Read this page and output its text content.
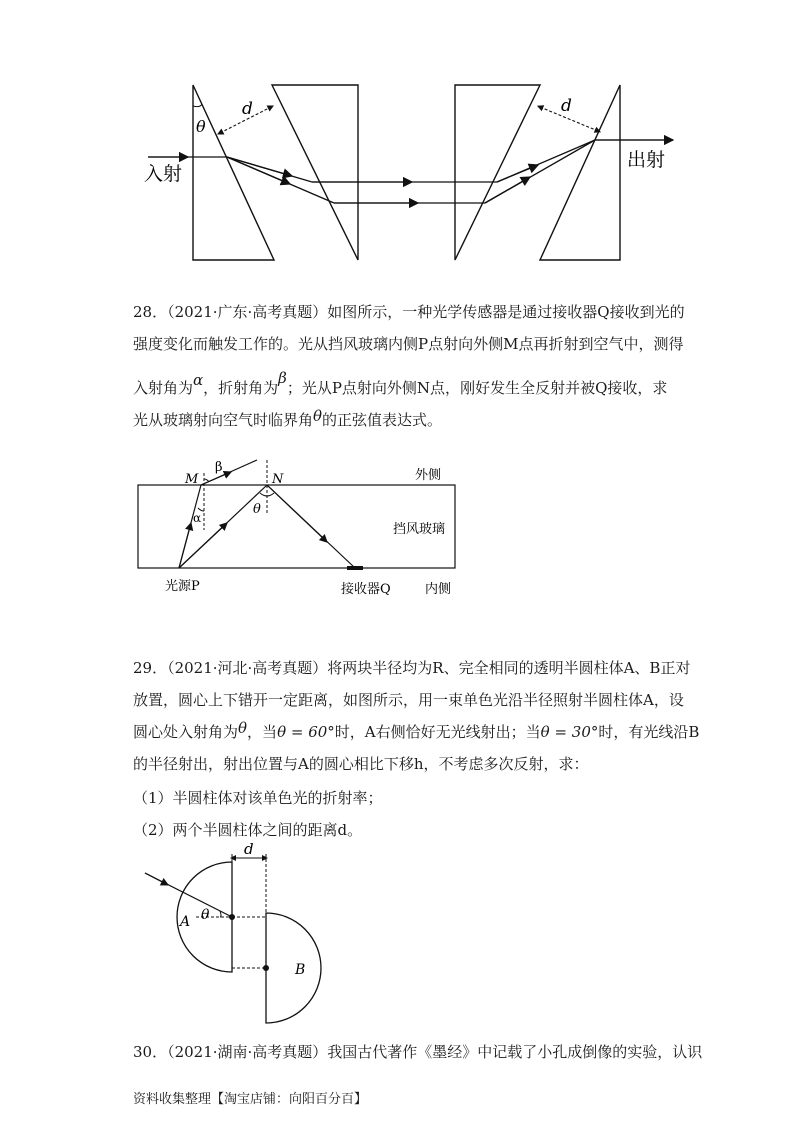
θ
d	d
入射
出射
28．（2021·广东·高考真题）如图所示，一种光学传感器是通过接收器Q接收到光的
强度变化而触发工作的。光从挡风玻璃内侧P点射向外侧M点再折射到空气中，测得
入射角为α，折射角为β；光从P点射向外侧N点，刚好发生全反射并被Q接收，求
光从玻璃射向空气时临界角θ的正弦值表达式。
M
β
N
α
θ
外侧
挡风玻璃
内侧
光源P	接收器Q
29．（2021·河北·高考真题）将两块半径均为R、完全相同的透明半圆柱体A、B正对
放置，圆心上下错开一定距离，如图所示，用一束单色光沿半径照射半圆柱体A，设
圆心处入射角为θ，当θ = 60°时，A右侧恰好无光线射出；当θ = 30°时，有光线沿B
的半径射出，射出位置与A的圆心相比下移h，不考虑多次反射，求：
（1）半圆柱体对该单色光的折射率；
（2）两个半圆柱体之间的距离d。
d
A θ
B
30．（2021·湖南·高考真题）我国古代著作《墨经》中记载了小孔成倒像的实验，认识
资料收集整理【淘宝店铺：向阳百分百】
